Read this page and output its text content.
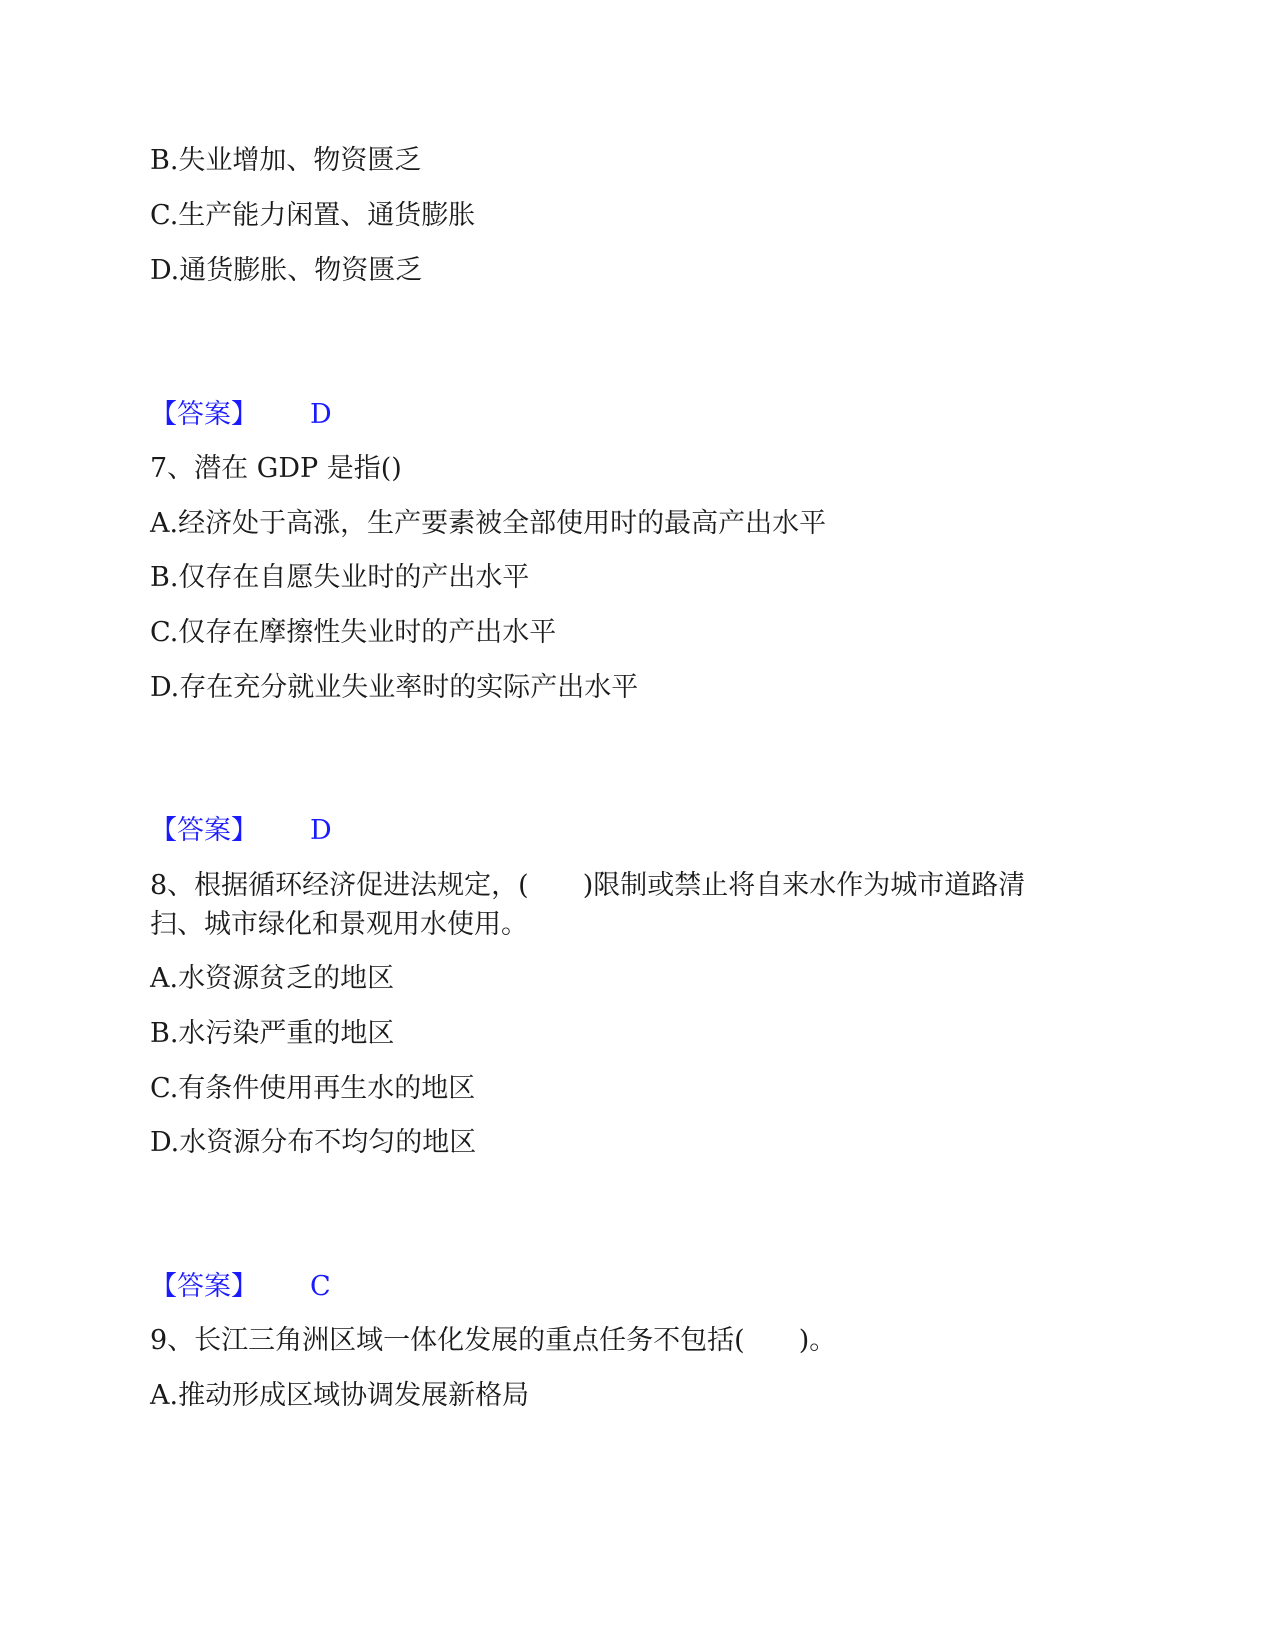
B.失业增加、物资匮乏
C.生产能力闲置、通货膨胀
D.通货膨胀、物资匮乏
【答案】 D
7、潜在 GDP 是指()
A.经济处于高涨，生产要素被全部使用时的最高产出水平
B.仅存在自愿失业时的产出水平
C.仅存在摩擦性失业时的产出水平
D.存在充分就业失业率时的实际产出水平
【答案】 D
8、根据循环经济促进法规定，(　　)限制或禁止将自来水作为城市道路清
扫、城市绿化和景观用水使用。
A.水资源贫乏的地区
B.水污染严重的地区
C.有条件使用再生水的地区
D.水资源分布不均匀的地区
【答案】 C
9、长江三角洲区域一体化发展的重点任务不包括(　　)。
A.推动形成区域协调发展新格局
